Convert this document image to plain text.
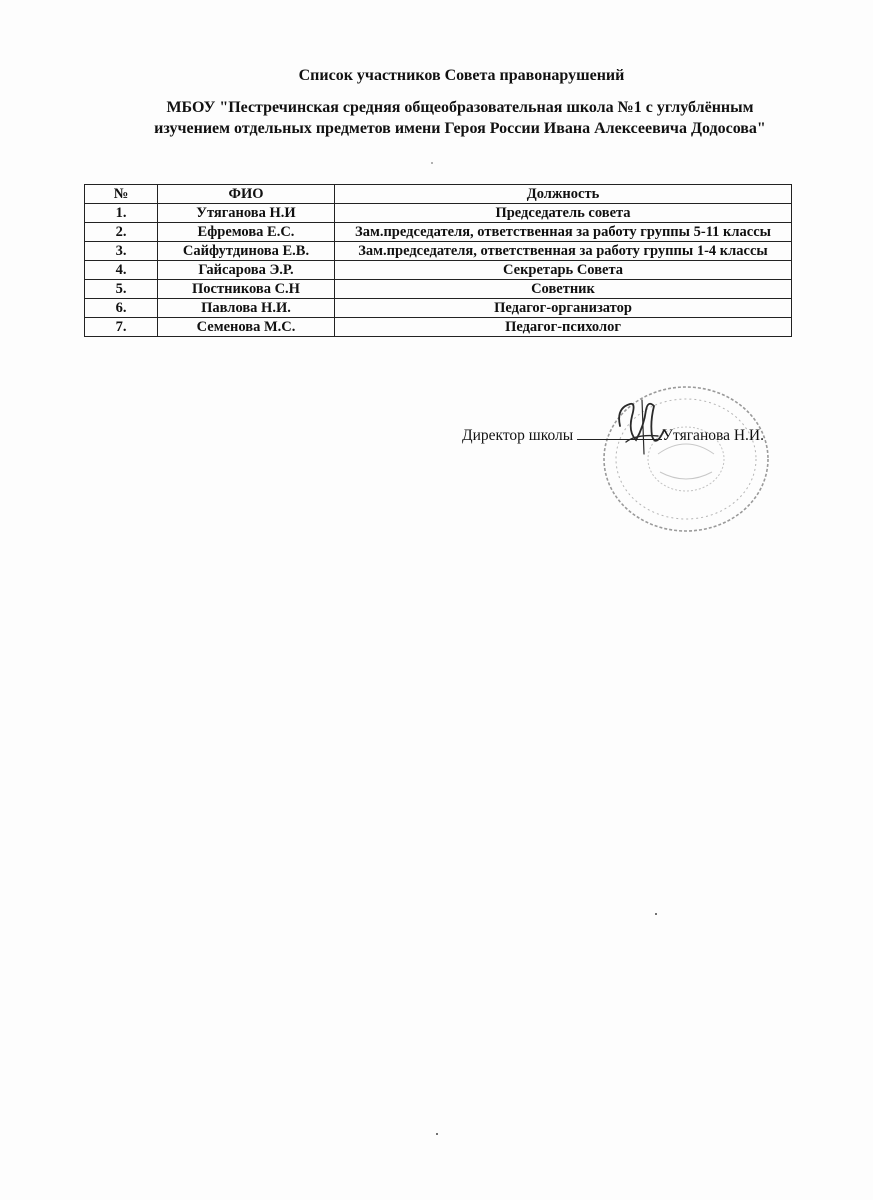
Список участников Совета правонарушений
МБОУ "Пестречинская средняя общеобразовательная школа №1 с углублённым
изучением отдельных предметов имени Героя России Ивана Алексеевича Додосова"
№	ФИО	Должность
1.	Утяганова Н.И	Председатель совета
2.	Ефремова Е.С.	Зам.председателя, ответственная за работу группы 5-11 классы
3.	Сайфутдинова Е.В.	Зам.председателя, ответственная за работу группы 1-4 классы
4.	Гайсарова Э.Р.	Секретарь Совета
5.	Постникова С.Н	Советник
6.	Павлова Н.И.	Педагог-организатор
7.	Семенова М.С.	Педагог-психолог
Директор школы	Утяганова Н.И.
